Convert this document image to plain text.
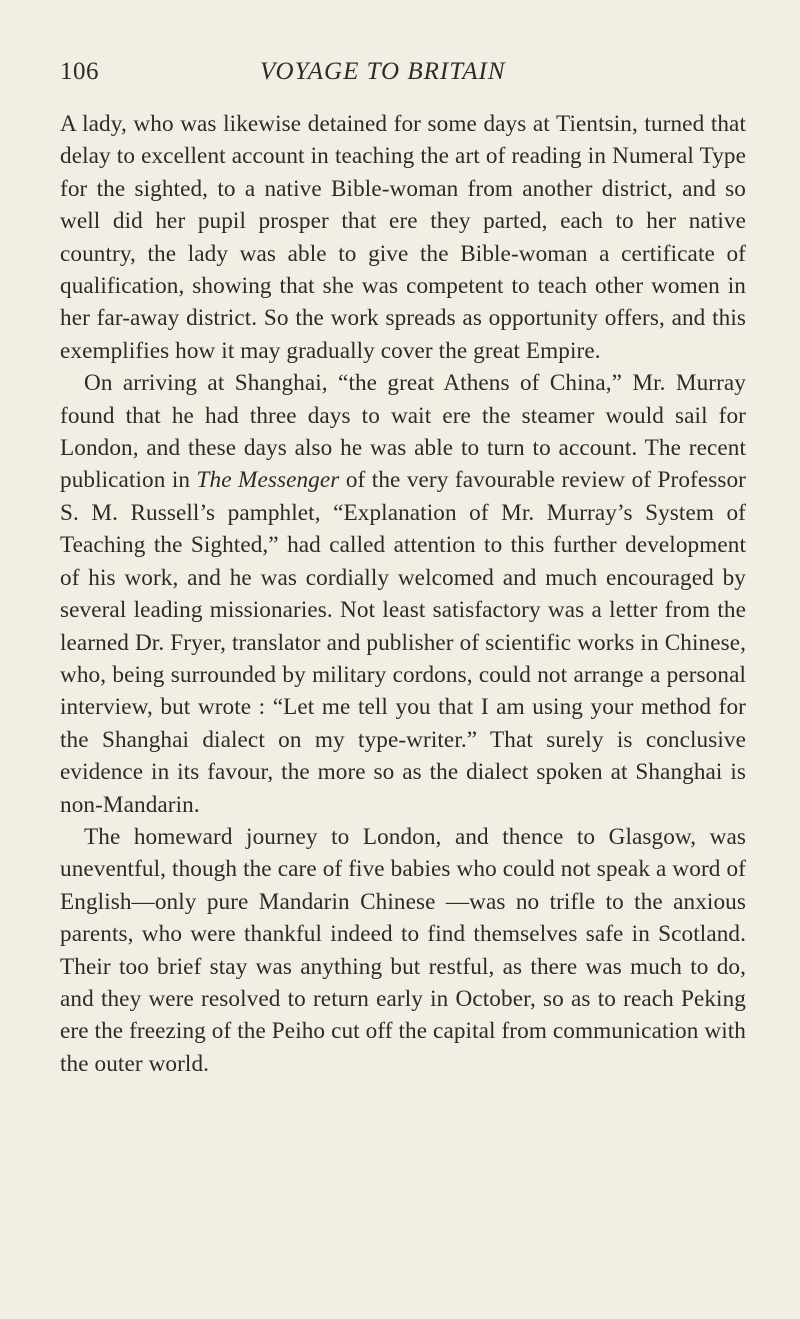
106	VOYAGE TO BRITAIN

A lady, who was likewise detained for some days at Tientsin, turned that delay to excellent account in teaching the art of reading in Numeral Type for the sighted, to a native Bible-woman from another district, and so well did her pupil prosper that ere they parted, each to her native country, the lady was able to give the Bible-woman a certificate of qualification, showing that she was competent to teach other women in her far-away district. So the work spreads as opportunity offers, and this exemplifies how it may gradually cover the great Empire.

On arriving at Shanghai, “the great Athens of China,” Mr. Murray found that he had three days to wait ere the steamer would sail for London, and these days also he was able to turn to account. The recent publication in The Messenger of the very favourable review of Professor S. M. Russell’s pamphlet, “Explanation of Mr. Murray’s System of Teaching the Sighted,” had called attention to this further development of his work, and he was cordially welcomed and much encouraged by several leading missionaries. Not least satisfactory was a letter from the learned Dr. Fryer, translator and publisher of scientific works in Chinese, who, being surrounded by military cordons, could not arrange a personal interview, but wrote : “Let me tell you that I am using your method for the Shanghai dialect on my type-writer.” That surely is conclusive evidence in its favour, the more so as the dialect spoken at Shanghai is non-Mandarin.

The homeward journey to London, and thence to Glasgow, was uneventful, though the care of five babies who could not speak a word of English—only pure Mandarin Chinese —was no trifle to the anxious parents, who were thankful indeed to find themselves safe in Scotland. Their too brief stay was anything but restful, as there was much to do, and they were resolved to return early in October, so as to reach Peking ere the freezing of the Peiho cut off the capital from communication with the outer world.
